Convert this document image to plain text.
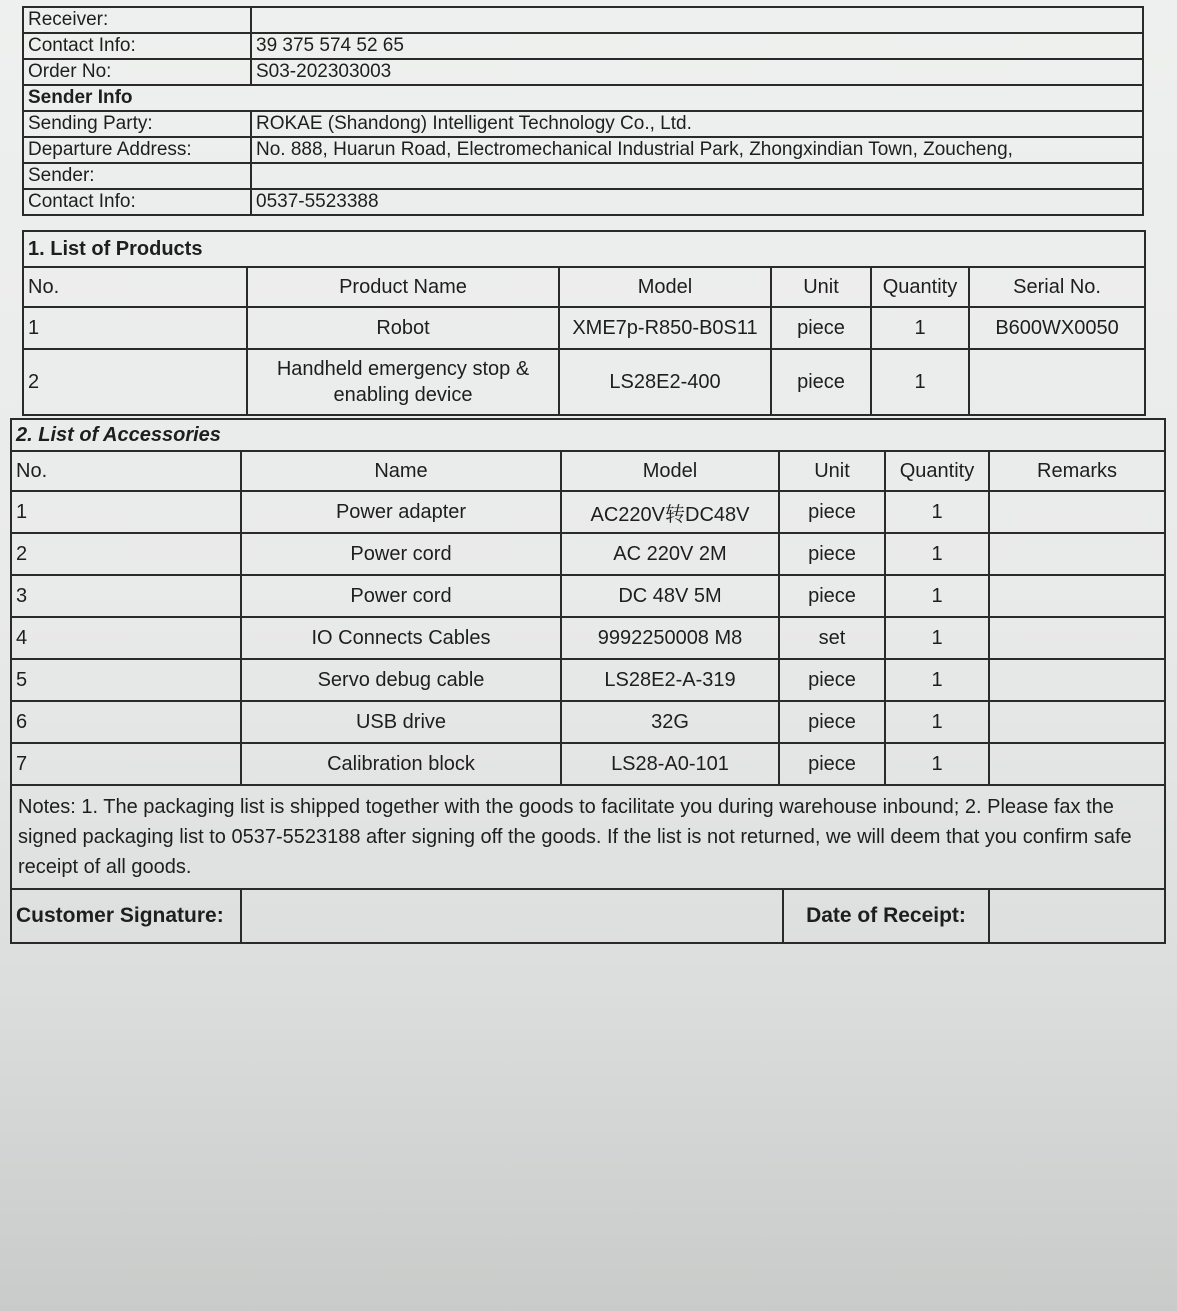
Receiver:	
Contact Info:	39 375 574 52 65
Order No:	S03-202303003
Sender Info	
Sending Party:	ROKAE (Shandong) Intelligent Technology Co., Ltd.
Departure Address:	No. 888, Huarun Road, Electromechanical Industrial Park, Zhongxindian Town, Zoucheng,
Sender:	
Contact Info:	0537-5523388
1. List of Products					
No.	Product Name	Model	Unit	Quantity	Serial No.
1	Robot	XME7p-R850-B0S11	piece	1	B600WX0050
2	Handheld emergency stop & enabling device	LS28E2-400	piece	1	
2. List of Accessories					
No.	Name	Model	Unit	Quantity	Remarks
1	Power adapter	AC220V转DC48V	piece	1	
2	Power cord	AC 220V 2M	piece	1	
3	Power cord	DC 48V 5M	piece	1	
4	IO Connects Cables	9992250008 M8	set	1	
5	Servo debug cable	LS28E2-A-319	piece	1	
6	USB drive	32G	piece	1	
7	Calibration block	LS28-A0-101	piece	1	
Notes: 1. The packaging list is shipped together with the goods to facilitate you during warehouse inbound; 2. Please fax the signed packaging list to 0537-5523188 after signing off the goods. If the list is not returned, we will deem that you confirm safe receipt of all goods.					
Customer Signature:		Date of Receipt:	
